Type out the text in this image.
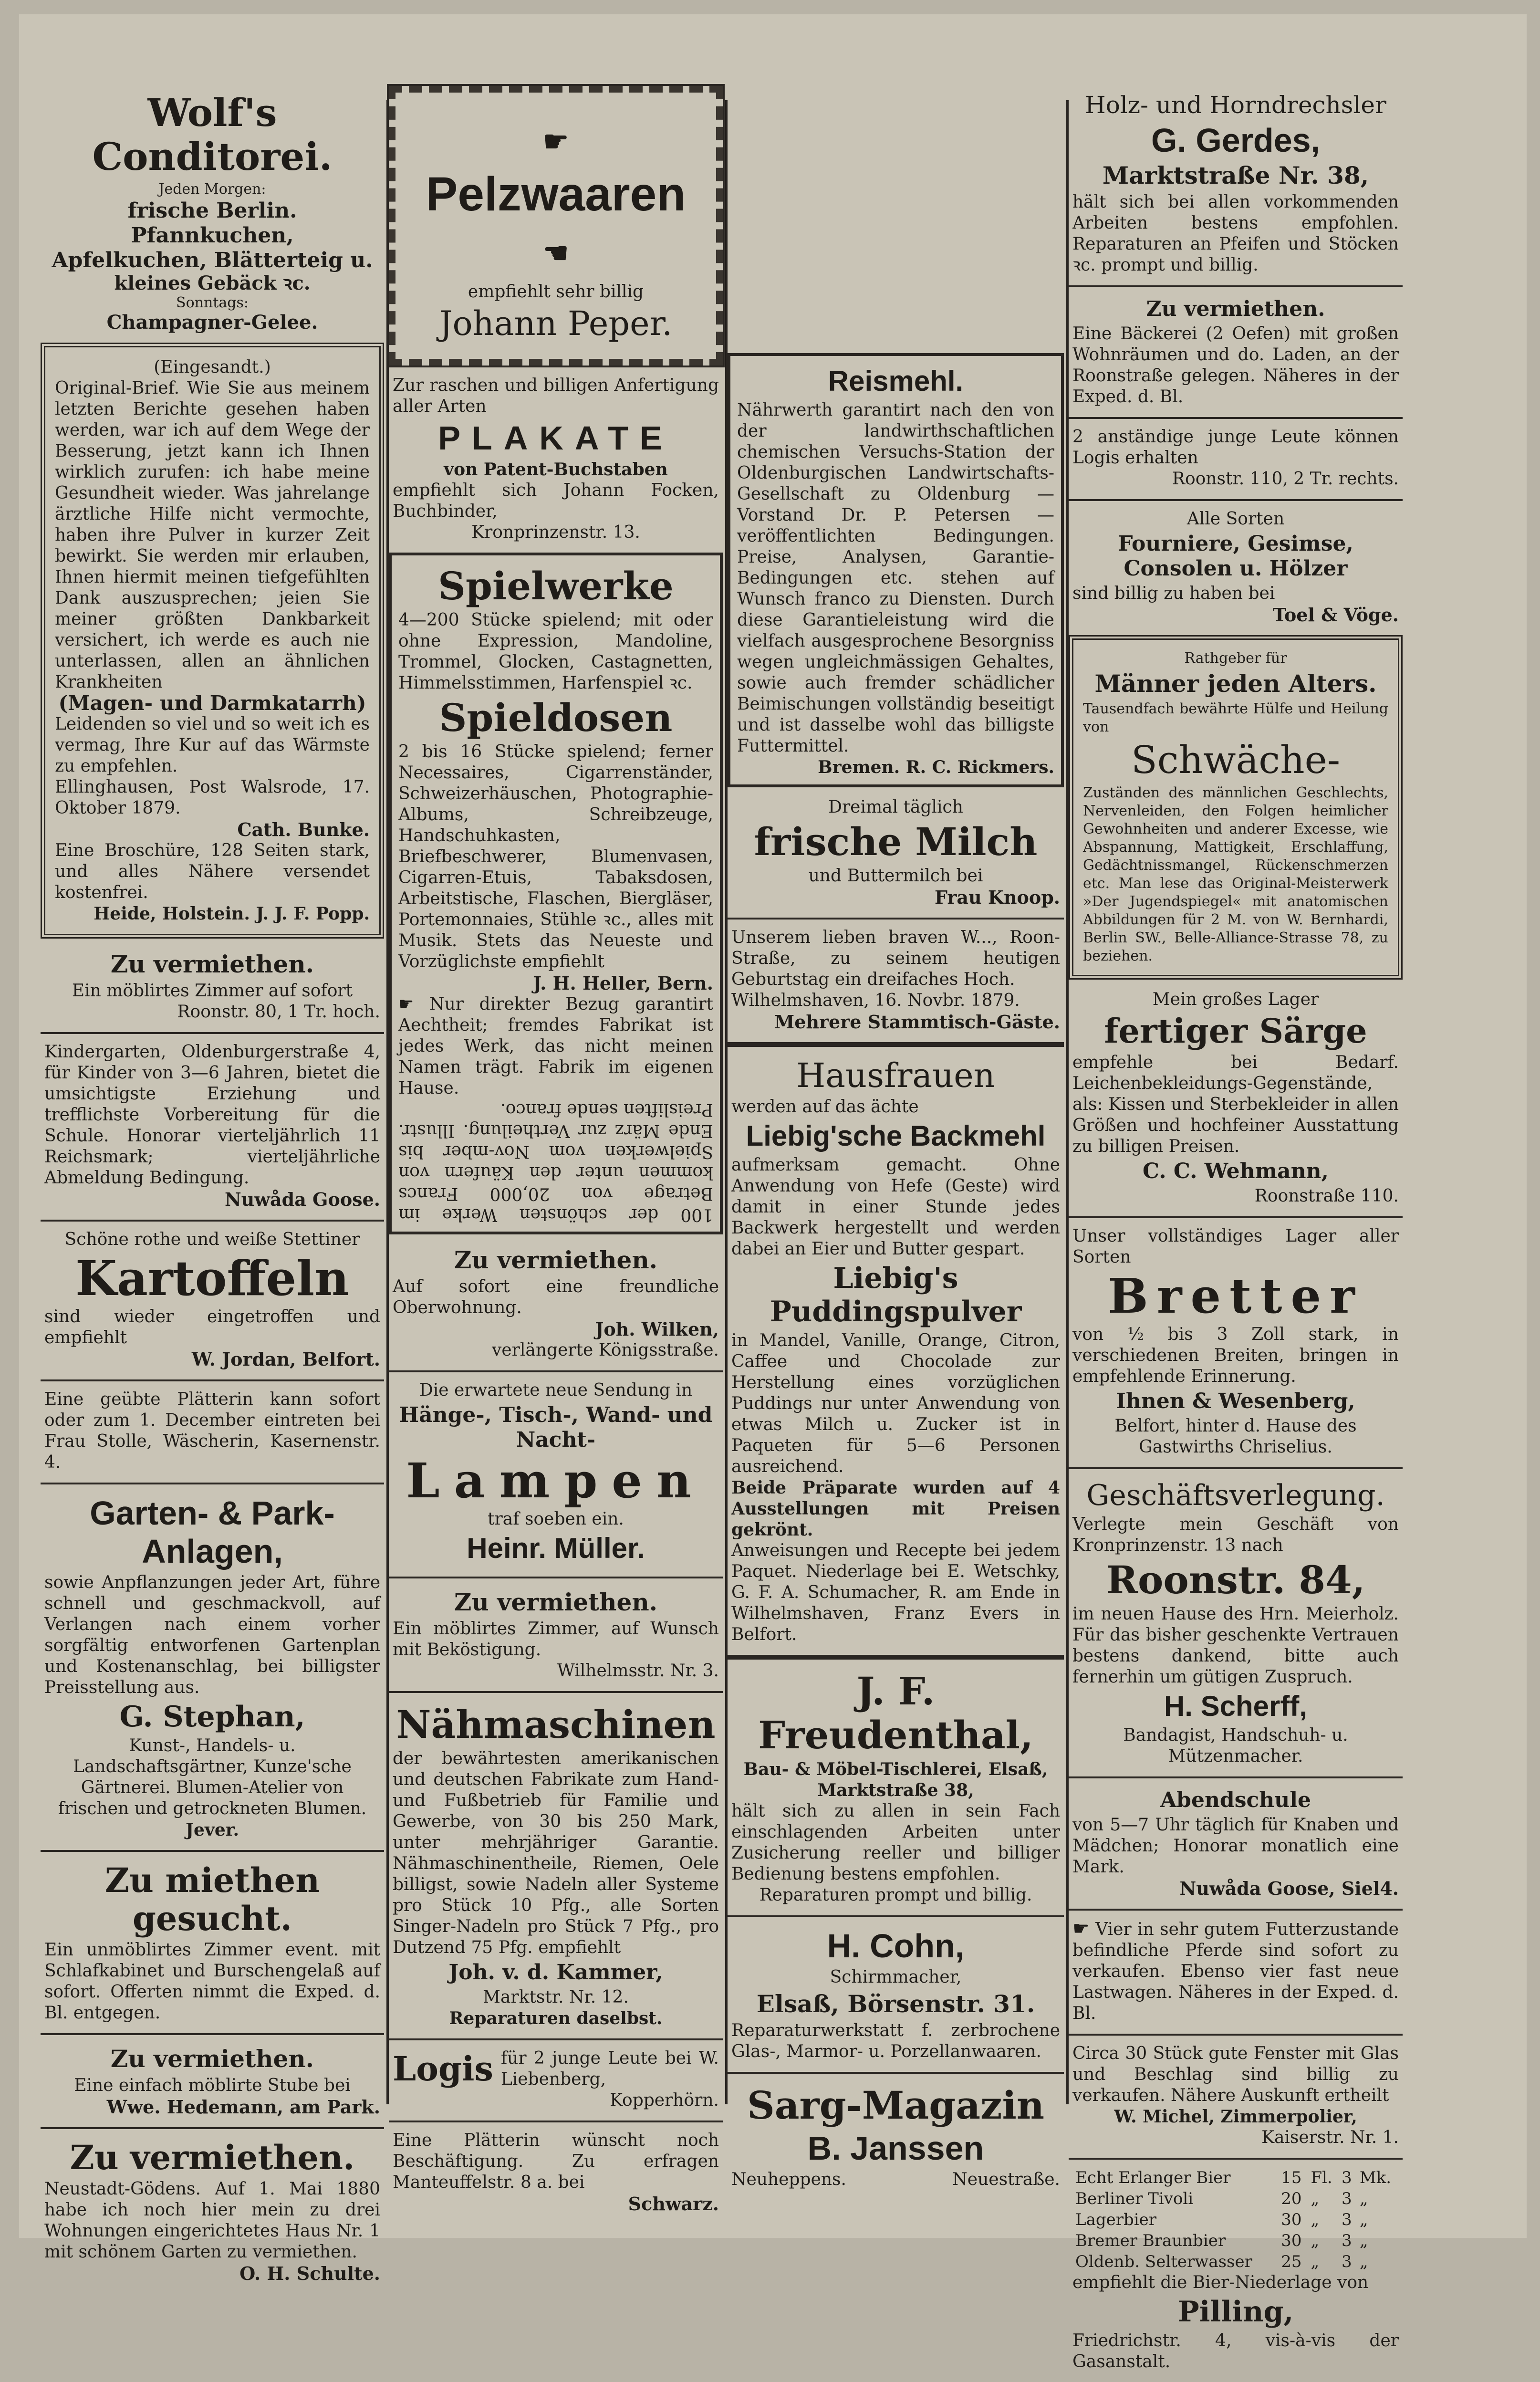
Wolf's Conditorei.
Jeden Morgen:
frische Berlin. Pfannkuchen,
Apfelkuchen, Blätterteig u.
kleines Gebäck ꝛc.
Sonntags:
Champagner-Gelee.
(Eingesandt.)

Original-Brief. Wie Sie aus meinem letzten Berichte gesehen haben werden, war ich auf dem Wege der Besserung, jetzt kann ich Ihnen wirklich zurufen: ich habe meine Gesundheit wieder. Was jahrelange ärztliche Hilfe nicht vermochte, haben ihre Pulver in kurzer Zeit bewirkt. Sie werden mir erlauben, Ihnen hiermit meinen tiefgefühlten Dank auszusprechen; jeien Sie meiner größten Dankbarkeit versichert, ich werde es auch nie unterlassen, allen an ähnlichen Krankheiten

(Magen- und Darmkatarrh)

Leidenden so viel und so weit ich es vermag, Ihre Kur auf das Wärmste zu empfehlen.

Ellinghausen, Post Walsrode, 17. Oktober 1879.

Cath. Bunke.

Eine Broschüre, 128 Seiten stark, und alles Nähere versendet kostenfrei.

Heide, Holstein. J. J. F. Popp.
Zu vermiethen.

Ein möblirtes Zimmer auf sofort

Roonstr. 80, 1 Tr. hoch.

Kindergarten, Oldenburgerstraße 4, für Kinder von 3—6 Jahren, bietet die umsichtigste Erziehung und trefflichste Vorbereitung für die Schule. Honorar vierteljährlich 11 Reichsmark; vierteljährliche Abmeldung Bedingung.

Nuwåda Goose.

Schöne rothe und weiße Stettiner

Kartoffeln

sind wieder eingetroffen und empfiehlt

W. Jordan, Belfort.

Eine geübte Plätterin kann sofort oder zum 1. December eintreten bei Frau Stolle, Wäscherin, Kasernenstr. 4.

Garten- & Park-Anlagen,

sowie Anpflanzungen jeder Art, führe schnell und geschmackvoll, auf Verlangen nach einem vorher sorgfältig entworfenen Gartenplan und Kostenanschlag, bei billigster Preisstellung aus.

G. Stephan,

Kunst-, Handels- u. Landschaftsgärtner, Kunze'sche Gärtnerei. Blumen-Atelier von frischen und getrockneten Blumen.

Jever.
Zu miethen gesucht.

Ein unmöblirtes Zimmer event. mit Schlafkabinet und Burschengelaß auf sofort. Offerten nimmt die Exped. d. Bl. entgegen.

Zu vermiethen.

Eine einfach möblirte Stube bei

Wwe. Hedemann, am Park.
Zu vermiethen.

Neustadt-Gödens. Auf 1. Mai 1880 habe ich noch hier mein zu drei Wohnungen eingerichtetes Haus Nr. 1 mit schönem Garten zu vermiethen.

O. H. Schulte.
☛ Pelzwaaren ☚
empfiehlt sehr billig
Johann Peper.

Zur raschen und billigen Anfertigung aller Arten

PLAKATE
von Patent-Buchstaben

empfiehlt sich Johann Focken, Buchbinder,

Kronprinzenstr. 13.
Spielwerke

4—200 Stücke spielend; mit oder ohne Expression, Mandoline, Trommel, Glocken, Castagnetten, Himmelsstimmen, Harfenspiel ꝛc.

Spieldosen

2 bis 16 Stücke spielend; ferner Necessaires, Cigarrenständer, Schweizerhäuschen, Photographie-Albums, Schreibzeuge, Handschuhkasten, Briefbeschwerer, Blumenvasen, Cigarren-Etuis, Tabaksdosen, Arbeitstische, Flaschen, Biergläser, Portemonnaies, Stühle ꝛc., alles mit Musik. Stets das Neueste und Vorzüglichste empfiehlt

J. H. Heller, Bern.

☛ Nur direkter Bezug garantirt Aechtheit; fremdes Fabrikat ist jedes Werk, das nicht meinen Namen trägt. Fabrik im eigenen Hause.

100 der schönsten Werke im Betrage von 20,000 Francs kommen unter den Käufern von Spielwerken vom Nov-mber bis Ende März zur Vertheilung. Illustr. Preisliften sende franco.

Zu vermiethen.

Auf sofort eine freundliche Oberwohnung.

Joh. Wilken,
verlängerte Königsstraße.

Die erwartete neue Sendung in

Hänge-, Tisch-, Wand- und Nacht-
Lampen

traf soeben ein.

Heinr. Müller.
Zu vermiethen.

Ein möblirtes Zimmer, auf Wunsch mit Beköstigung.

Wilhelmsstr. Nr. 3.
Nähmaschinen

der bewährtesten amerikanischen und deutschen Fabrikate zum Hand- und Fußbetrieb für Familie und Gewerbe, von 30 bis 250 Mark, unter mehrjähriger Garantie. Nähmaschinentheile, Riemen, Oele billigst, sowie Nadeln aller Systeme pro Stück 10 Pfg., alle Sorten Singer-Nadeln pro Stück 7 Pfg., pro Dutzend 75 Pfg. empfiehlt

Joh. v. d. Kammer,
Marktstr. Nr. 12.
Reparaturen daselbst.
Logis für 2 junge Leute bei W. Liebenberg,

Kopperhörn.

Eine Plätterin wünscht noch Beschäftigung. Zu erfragen Manteuffelstr. 8 a. bei

Schwarz.
Reismehl.

Nährwerth garantirt nach den von der landwirthschaftlichen chemischen Versuchs-Station der Oldenburgischen Landwirtschafts-Gesellschaft zu Oldenburg — Vorstand Dr. P. Petersen — veröffentlichten Bedingungen. Preise, Analysen, Garantie-Bedingungen etc. stehen auf Wunsch franco zu Diensten. Durch diese Garantieleistung wird die vielfach ausgesprochene Besorgniss wegen ungleichmässigen Gehaltes, sowie auch fremder schädlicher Beimischungen vollständig beseitigt und ist dasselbe wohl das billigste Futtermittel.

Bremen. R. C. Rickmers.

Dreimal täglich

frische Milch

und Buttermilch bei

Frau Knoop.

Unserem lieben braven W..., Roon-Straße, zu seinem heutigen Geburtstag ein dreifaches Hoch.

Wilhelmshaven, 16. Novbr. 1879.

Mehrere Stammtisch-Gäste.
Hausfrauen

werden auf das ächte

Liebig'sche Backmehl

aufmerksam gemacht. Ohne Anwendung von Hefe (Geste) wird damit in einer Stunde jedes Backwerk hergestellt und werden dabei an Eier und Butter gespart.

Liebig's Puddingspulver

in Mandel, Vanille, Orange, Citron, Caffee und Chocolade zur Herstellung eines vorzüglichen Puddings nur unter Anwendung von etwas Milch u. Zucker ist in Paqueten für 5—6 Personen ausreichend.

Beide Präparate wurden auf 4 Ausstellungen mit Preisen gekrönt.

Anweisungen und Recepte bei jedem Paquet. Niederlage bei E. Wetschky, G. F. A. Schumacher, R. am Ende in Wilhelmshaven, Franz Evers in Belfort.

J. F. Freudenthal,
Bau- & Möbel-Tischlerei, Elsaß, Marktstraße 38,

hält sich zu allen in sein Fach einschlagenden Arbeiten unter Zusicherung reeller und billiger Bedienung bestens empfohlen.

Reparaturen prompt und billig.
H. Cohn,
Schirmmacher,
Elsaß, Börsenstr. 31.

Reparaturwerkstatt f. zerbrochene Glas-, Marmor- u. Porzellanwaaren.

Sarg-Magazin
B. Janssen
Neuheppens.	Neuestraße.
Holz- und Horndrechsler
G. Gerdes,
Marktstraße Nr. 38,

hält sich bei allen vorkommenden Arbeiten bestens empfohlen. Reparaturen an Pfeifen und Stöcken ꝛc. prompt und billig.

Zu vermiethen.

Eine Bäckerei (2 Oefen) mit großen Wohnräumen und do. Laden, an der Roonstraße gelegen. Näheres in der Exped. d. Bl.

2 anständige junge Leute können Logis erhalten

Roonstr. 110, 2 Tr. rechts.

Alle Sorten

Fourniere, Gesimse, Consolen u. Hölzer

sind billig zu haben bei

Toel & Vöge.
Rathgeber für
Männer jeden Alters.

Tausendfach bewährte Hülfe und Heilung von

Schwäche-

Zuständen des männlichen Geschlechts, Nervenleiden, den Folgen heimlicher Gewohnheiten und anderer Excesse, wie Abspannung, Mattigkeit, Erschlaffung, Gedächtnissmangel, Rückenschmerzen etc. Man lese das Original-Meisterwerk »Der Jugendspiegel« mit anatomischen Abbildungen für 2 M. von W. Bernhardi, Berlin SW., Belle-Alliance-Strasse 78, zu beziehen.

Mein großes Lager

fertiger Särge

empfehle bei Bedarf. Leichenbekleidungs-Gegenstände, als: Kissen und Sterbekleider in allen Größen und hochfeiner Ausstattung zu billigen Preisen.

C. C. Wehmann,
Roonstraße 110.

Unser vollständiges Lager aller Sorten

Bretter

von ½ bis 3 Zoll stark, in verschiedenen Breiten, bringen in empfehlende Erinnerung.

Ihnen & Wesenberg,

Belfort, hinter d. Hause des Gastwirths Chriselius.

Geschäftsverlegung.

Verlegte mein Geschäft von Kronprinzenstr. 13 nach

Roonstr. 84,

im neuen Hause des Hrn. Meierholz. Für das bisher geschenkte Vertrauen bestens dankend, bitte auch fernerhin um gütigen Zuspruch.

H. Scherff,
Bandagist, Handschuh- u. Mützenmacher.
Abendschule

von 5—7 Uhr täglich für Knaben und Mädchen; Honorar monatlich eine Mark.

Nuwåda Goose, Siel4.

☛ Vier in sehr gutem Futterzustande befindliche Pferde sind sofort zu verkaufen. Ebenso vier fast neue Lastwagen. Näheres in der Exped. d. Bl.

Circa 30 Stück gute Fenster mit Glas und Beschlag sind billig zu verkaufen. Nähere Auskunft ertheilt

W. Michel, Zimmerpolier,
Kaiserstr. Nr. 1.
Echt Erlanger Bier	15	Fl.	3	Mk.
Berliner Tivoli	20	„	3	„
Lagerbier	30	„	3	„
Bremer Braunbier	30	„	3	„
Oldenb. Selterwasser	25	„	3	„

empfiehlt die Bier-Niederlage von

Pilling,

Friedrichstr. 4, vis-à-vis der Gasanstalt.
